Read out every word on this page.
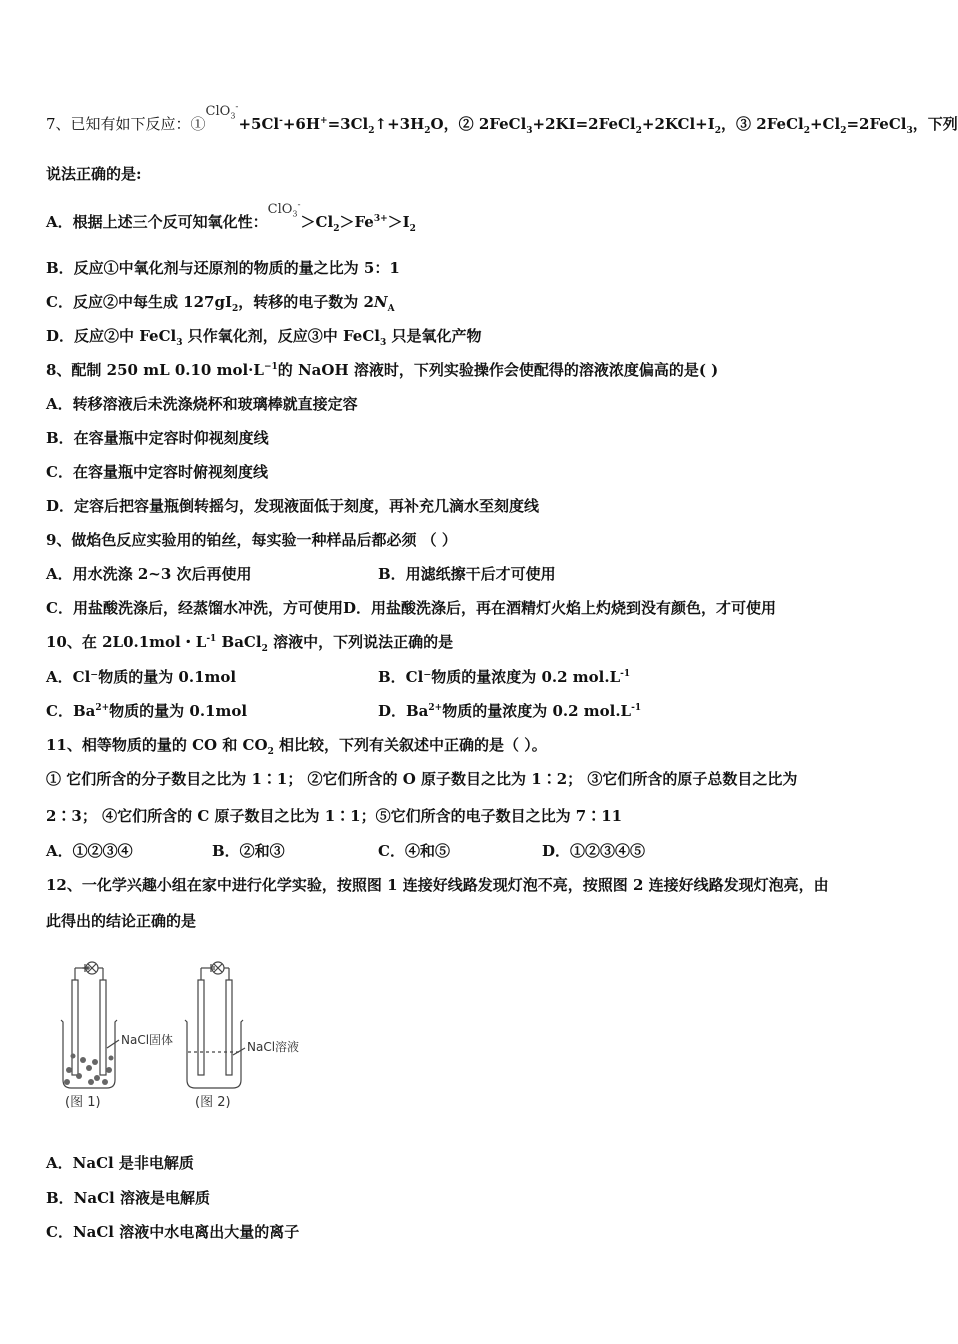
7、已知有如下反应：$①ClO_3^-+5Cl^-+6H^+=3Cl_2↑+3H_2O$，② $2FeCl_3+2KI=2FeCl_2+2KCl+I_2$，③ $2FeCl_2+Cl_2=2FeCl_3$，下列
说法正确的是:
A．根据上述三个反可知氧化性：$ClO_3^->Cl_2>Fe^{3+}>I_2$
B．反应①中氧化剂与还原剂的物质的量之比为 5：1
C．反应②中每生成 $127gI_2$，转移的电子数为 $2N_A$
D．反应②中 FeCl$_3$ 只作氧化剂，反应③中 FeCl$_3$ 只是氧化产物
8、配制 250 mL 0.10 $mol\cdot L^{-1}$的 NaOH 溶液时，下列实验操作会使配得的溶液浓度偏高的是( )
A．转移溶液后未洗涤烧杯和玻璃棒就直接定容
B．在容量瓶中定容时仰视刻度线
C．在容量瓶中定容时俯视刻度线
D．定容后把容量瓶倒转摇匀，发现液面低于刻度，再补充几滴水至刻度线
9、做焰色反应实验用的铂丝，每实验一种样品后都必须 （ ）
A．用水洗涤 2~3 次后再使用	B．用滤纸擦干后才可使用
C．用盐酸洗涤后，经蒸馏水冲洗，方可使用D．用盐酸洗涤后，再在酒精灯火焰上灼烧到没有颜色，才可使用
10、在 2L0.1mol・$L^{-1}$ BaCl$_2$ 溶液中，下列说法正确的是
A．Cl⁻物质的量为 0.1mol	B．Cl⁻物质的量浓度为 0.2 $mol.L^{-1}$
C．$Ba^{2+}$物质的量为 0.1mol	D．$Ba^{2+}$物质的量浓度为 0.2 $mol.L^{-1}$
11、相等物质的量的 CO 和 $CO_2$ 相比较，下列有关叙述中正确的是（ ）。
① 它们所含的分子数目之比为 1∶1； ②它们所含的 O 原子数目之比为 1∶2； ③它们所含的原子总数目之比为
2∶3； ④它们所含的 C 原子数目之比为 1∶1；⑤它们所含的电子数目之比为 7∶11
A．①②③④	B．②和③	C．④和⑤	D．①②③④⑤
12、一化学兴趣小组在家中进行化学实验，按照图 1 连接好线路发现灯泡不亮，按照图 2 连接好线路发现灯泡亮，由
此得出的结论正确的是
NaCl固体	NaCl溶液
(图 1)	(图 2)
A．NaCl 是非电解质
B．NaCl 溶液是电解质
C．NaCl 溶液中水电离出大量的离子
